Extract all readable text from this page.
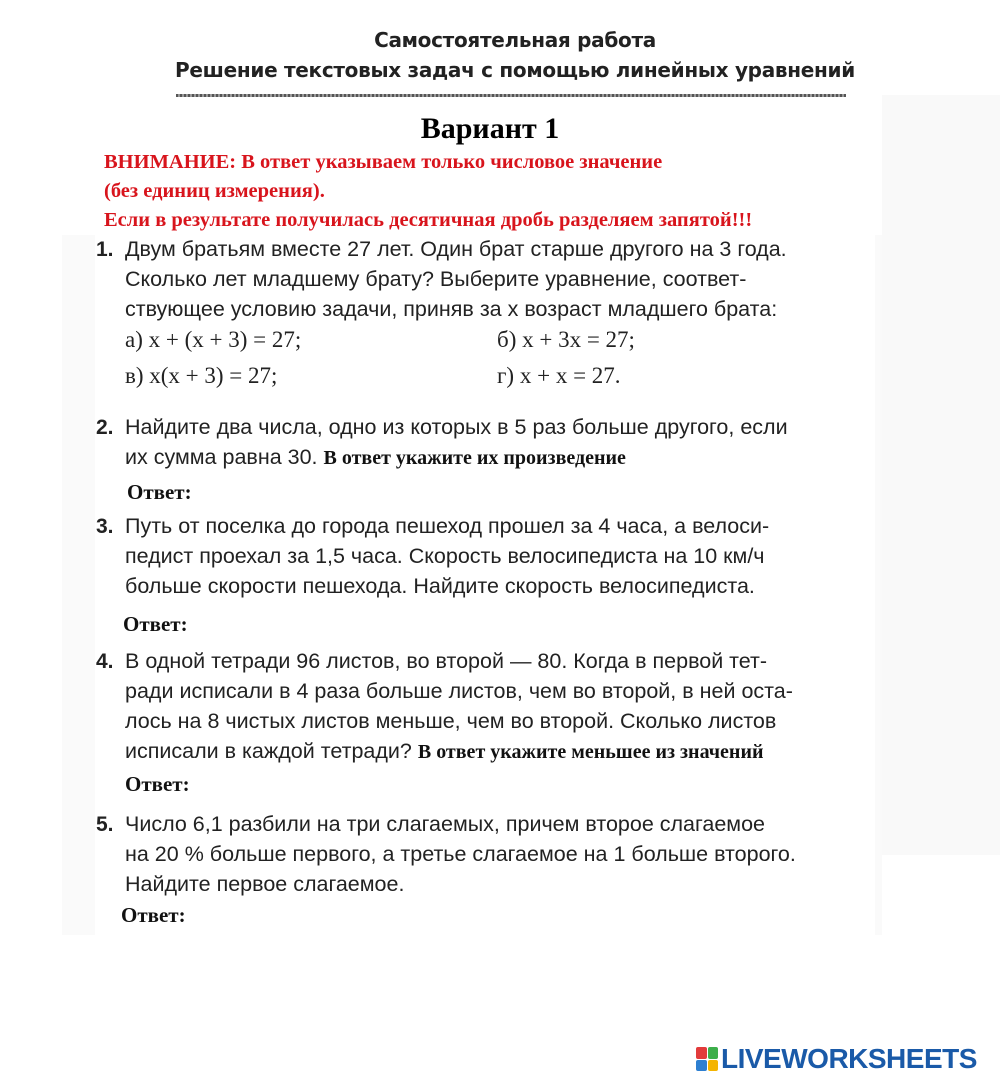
Самостоятельная работа
Решение текстовых задач с помощью линейных уравнений
Вариант 1
ВНИМАНИЕ: В ответ указываем только числовое значение
(без единиц измерения).
Если в результате получилась десятичная дробь разделяем запятой!!!
1. Двум братьям вместе 27 лет. Один брат старше другого на 3 года.
Сколько лет младшему брату? Выберите уравнение, соответ-
ствующее условию задачи, приняв за x возраст младшего брата:
а) x + (x + 3) = 27;	б) x + 3x = 27;
в) x(x + 3) = 27;	г) x + x = 27.
2. Найдите два числа, одно из которых в 5 раз больше другого, если
их сумма равна 30. В ответ укажите их произведение
Ответ:
3. Путь от поселка до города пешеход прошел за 4 часа, а велоси-
педист проехал за 1,5 часа. Скорость велосипедиста на 10 км/ч
больше скорости пешехода. Найдите скорость велосипедиста.
Ответ:
4. В одной тетради 96 листов, во второй — 80. Когда в первой тет-
ради исписали в 4 раза больше листов, чем во второй, в ней оста-
лось на 8 чистых листов меньше, чем во второй. Сколько листов
исписали в каждой тетради? В ответ укажите меньшее из значений
Ответ:
5. Число 6,1 разбили на три слагаемых, причем второе слагаемое
на 20 % больше первого, а третье слагаемое на 1 больше второго.
Найдите первое слагаемое.
Ответ:
LIVEWORKSHEETS
